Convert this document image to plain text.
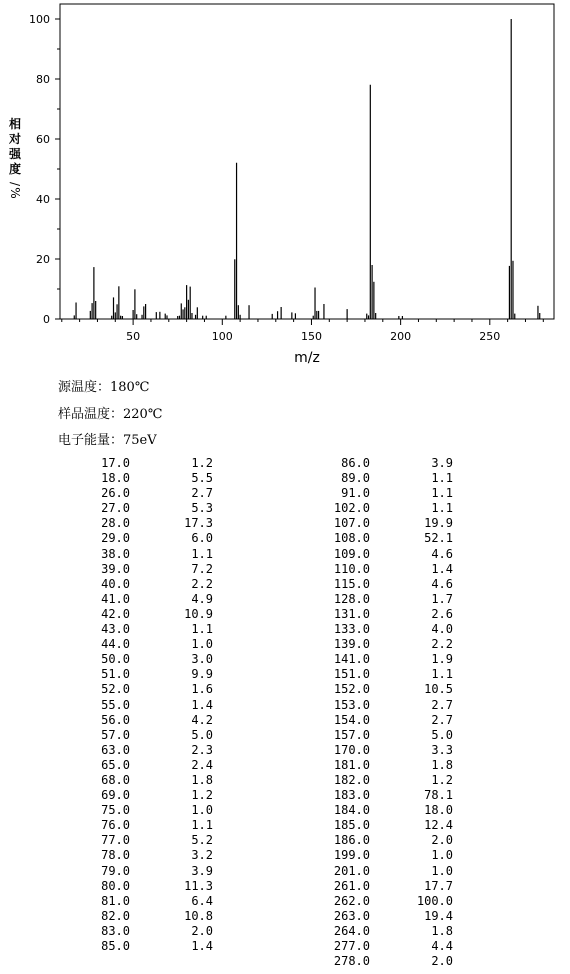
0
20
40
60
80
100
50	100	150	200	250
m/z
相
对
强
度
/
%
源温度：180℃
样品温度：220℃
电子能量：75eV
17.0	1.2
18.0	5.5
26.0	2.7
27.0	5.3
28.0	17.3
29.0	6.0
38.0	1.1
39.0	7.2
40.0	2.2
41.0	4.9
42.0	10.9
43.0	1.1
44.0	1.0
50.0	3.0
51.0	9.9
52.0	1.6
55.0	1.4
56.0	4.2
57.0	5.0
63.0	2.3
65.0	2.4
68.0	1.8
69.0	1.2
75.0	1.0
76.0	1.1
77.0	5.2
78.0	3.2
79.0	3.9
80.0	11.3
81.0	6.4
82.0	10.8
83.0	2.0
85.0	1.4
86.0	3.9
89.0	1.1
91.0	1.1
102.0	1.1
107.0	19.9
108.0	52.1
109.0	4.6
110.0	1.4
115.0	4.6
128.0	1.7
131.0	2.6
133.0	4.0
139.0	2.2
141.0	1.9
151.0	1.1
152.0	10.5
153.0	2.7
154.0	2.7
157.0	5.0
170.0	3.3
181.0	1.8
182.0	1.2
183.0	78.1
184.0	18.0
185.0	12.4
186.0	2.0
199.0	1.0
201.0	1.0
261.0	17.7
262.0	100.0
263.0	19.4
264.0	1.8
277.0	4.4
278.0	2.0
